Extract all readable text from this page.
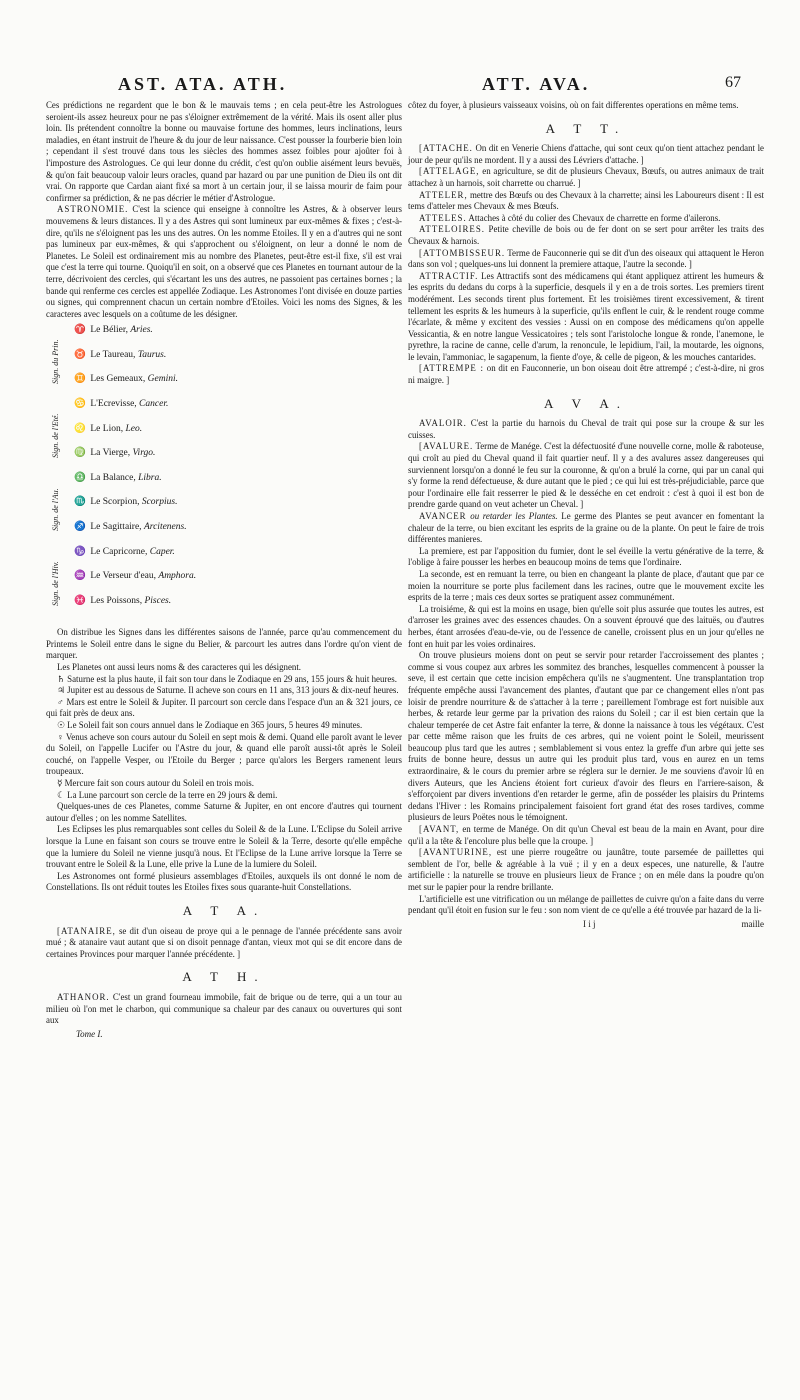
AST. ATA. ATH.	ATT. AVA.	67

Ces prédictions ne regardent que le bon & le mauvais tems ; en cela peut-être les Astrologues seroient-ils assez heureux pour ne pas s'éloigner extrêmement de la vérité. Mais ils osent aller plus loin. Ils prétendent connoître la bonne ou mauvaise fortune des hommes, leurs inclinations, leurs maladies, en étant instruit de l'heure & du jour de leur naissance. C'est pousser la fourberie bien loin ; cependant il s'est trouvé dans tous les siècles des hommes assez foibles pour ajoûter foi à l'imposture des Astrologues. Ce qui leur donne du crédit, c'est qu'on oublie aisément leurs bevuës, & qu'on fait beaucoup valoir leurs oracles, quand par hazard ou par une punition de Dieu ils ont dit vrai. On rapporte que Cardan aiant fixé sa mort à un certain jour, il se laissa mourir de faim pour confirmer sa prédiction, & ne pas décrier le métier d'Astrologue.

ASTRONOMIE. C'est la science qui enseigne à connoître les Astres, & à observer leurs mouvemens & leurs distances. Il y a des Astres qui sont lumineux par eux-mêmes & fixes ; c'est-à-dire, qu'ils ne s'éloignent pas les uns des autres. On les nomme Etoiles. Il y en a d'autres qui ne sont pas lumineux par eux-mêmes, & qui s'approchent ou s'éloignent, on leur a donné le nom de Planetes. Le Soleil est ordinairement mis au nombre des Planetes, peut-être est-il fixe, s'il est vrai que c'est la terre qui tourne. Quoiqu'il en soit, on a observé que ces Planetes en tournant autour de la terre, décrivoient des cercles, qui s'écartant les uns des autres, ne passoient pas certaines bornes ; la bande qui renferme ces cercles est appellée Zodiaque. Les Astronomes l'ont divisée en douze parties ou signes, qui comprennent chacun un certain nombre d'Etoiles. Voici les noms des Signes, & les caracteres avec lesquels on a coûtume de les désigner.

Sign. du Prin.
Sign. de l'Eté.
Sign. de l'Au.
Sign. de l'Hiv.
♈ Le Bélier, Aries.
♉ Le Taureau, Taurus.
♊ Les Gemeaux, Gemini.
♋ L'Ecrevisse, Cancer.
♌ Le Lion, Leo.
♍ La Vierge, Virgo.
♎ La Balance, Libra.
♏ Le Scorpion, Scorpius.
♐ Le Sagittaire, Arcitenens.
♑ Le Capricorne, Caper.
♒ Le Verseur d'eau, Amphora.
♓ Les Poissons, Pisces.

On distribue les Signes dans les différentes saisons de l'année, parce qu'au commencement du Printems le Soleil entre dans le signe du Belier, & parcourt les autres dans l'ordre qu'on vient de marquer.

Les Planetes ont aussi leurs noms & des caracteres qui les désignent.

♄ Saturne est la plus haute, il fait son tour dans le Zodiaque en 29 ans, 155 jours & huit heures.

♃ Jupiter est au dessous de Saturne. Il acheve son cours en 11 ans, 313 jours & dix-neuf heures.

♂ Mars est entre le Soleil & Jupiter. Il parcourt son cercle dans l'espace d'un an & 321 jours, ce qui fait près de deux ans.

☉ Le Soleil fait son cours annuel dans le Zodiaque en 365 jours, 5 heures 49 minutes.

♀ Venus acheve son cours autour du Soleil en sept mois & demi. Quand elle paroît avant le lever du Soleil, on l'appelle Lucifer ou l'Astre du jour, & quand elle paroît aussi-tôt après le Soleil couché, on l'appelle Vesper, ou l'Etoile du Berger ; parce qu'alors les Bergers ramenent leurs troupeaux.

☿ Mercure fait son cours autour du Soleil en trois mois.

☾ La Lune parcourt son cercle de la terre en 29 jours & demi.

Quelques-unes de ces Planetes, comme Saturne & Jupiter, en ont encore d'autres qui tournent autour d'elles ; on les nomme Satellites.

Les Eclipses les plus remarquables sont celles du Soleil & de la Lune. L'Eclipse du Soleil arrive lorsque la Lune en faisant son cours se trouve entre le Soleil & la Terre, desorte qu'elle empêche que la lumiere du Soleil ne vienne jusqu'à nous. Et l'Eclipse de la Lune arrive lorsque la Terre se trouvant entre le Soleil & la Lune, elle prive la Lune de la lumiere du Soleil.

Les Astronomes ont formé plusieurs assemblages d'Etoiles, auxquels ils ont donné le nom de Constellations. Ils ont réduit toutes les Etoiles fixes sous quarante-huit Constellations.

A T A.

[ATANAIRE, se dit d'un oiseau de proye qui a le pennage de l'année précédente sans avoir mué ; & atanaire vaut autant que si on disoit pennage d'antan, vieux mot qui se dit encore dans de certaines Provinces pour marquer l'année précédente. ]

A T H.

ATHANOR. C'est un grand fourneau immobile, fait de brique ou de terre, qui a un tour au milieu où l'on met le charbon, qui communique sa chaleur par des canaux ou ouvertures qui sont aux

Tome I.

côtez du foyer, à plusieurs vaisseaux voisins, où on fait differentes operations en même tems.

A T T.

[ATTACHE. On dit en Venerie Chiens d'attache, qui sont ceux qu'on tient attachez pendant le jour de peur qu'ils ne mordent. Il y a aussi des Lévriers d'attache. ]

[ATTELAGE, en agriculture, se dit de plusieurs Chevaux, Bœufs, ou autres animaux de trait attachez à un harnois, soit charrette ou charrué. ]

ATTELER, mettre des Bœufs ou des Chevaux à la charrette; ainsi les Laboureurs disent : Il est tems d'atteler mes Chevaux & mes Bœufs.

ATTELES. Attaches à côté du colier des Chevaux de charrette en forme d'ailerons.

ATTELOIRES. Petite cheville de bois ou de fer dont on se sert pour arrêter les traits des Chevaux & harnois.

[ATTOMBISSEUR. Terme de Fauconnerie qui se dit d'un des oiseaux qui attaquent le Heron dans son vol ; quelques-uns lui donnent la premiere attaque, l'autre la seconde. ]

ATTRACTIF. Les Attractifs sont des médicamens qui étant appliquez attirent les humeurs & les esprits du dedans du corps à la superficie, desquels il y en a de trois sortes. Les premiers tirent modérément. Les seconds tirent plus fortement. Et les troisièmes tirent excessivement, & tirent tellement les esprits & les humeurs à la superficie, qu'ils enflent le cuir, & le rendent rouge comme l'écarlate, & même y excitent des vessies : Aussi on en compose des médicamens qu'on appelle Vessicantia, & en notre langue Vessicatoires ; tels sont l'aristoloche longue & ronde, l'anemone, le pyrethre, la racine de canne, celle d'arum, la renoncule, le lepidium, l'ail, la moutarde, les oignons, le levain, l'ammoniac, le sagapenum, la fiente d'oye, & celle de pigeon, & les mouches cantarides.

[ATTREMPE : on dit en Fauconnerie, un bon oiseau doit être attrempé ; c'est-à-dire, ni gros ni maigre. ]

A V A.

AVALOIR. C'est la partie du harnois du Cheval de trait qui pose sur la croupe & sur les cuisses.

[AVALURE. Terme de Manége. C'est la défectuosité d'une nouvelle corne, molle & raboteuse, qui croît au pied du Cheval quand il fait quartier neuf. Il y a des avalures assez dangereuses qui surviennent lorsqu'on a donné le feu sur la couronne, & qu'on a brulé la corne, qui par un canal qui s'y forme la rend défectueuse, & dure autant que le pied ; ce qui lui est très-préjudiciable, parce que pour l'ordinaire elle fait resserrer le pied & le desséche en cet endroit : c'est à quoi il est bon de prendre garde quand on veut acheter un Cheval. ]

AVANCER ou retarder les Plantes. Le germe des Plantes se peut avancer en fomentant la chaleur de la terre, ou bien excitant les esprits de la graine ou de la plante. On peut le faire de trois différentes manieres.

La premiere, est par l'apposition du fumier, dont le sel éveille la vertu générative de la terre, & l'oblige à faire pousser les herbes en beaucoup moins de tems que l'ordinaire.

La seconde, est en remuant la terre, ou bien en changeant la plante de place, d'autant que par ce moien la nourriture se porte plus facilement dans les racines, outre que le mouvement excite les esprits de la terre ; mais ces deux sortes se pratiquent assez communément.

La troisiéme, & qui est la moins en usage, bien qu'elle soit plus assurée que toutes les autres, est d'arroser les graines avec des essences chaudes. On a souvent éprouvé que des laituës, ou d'autres herbes, étant arrosées d'eau-de-vie, ou de l'essence de canelle, croissent plus en un jour qu'elles ne font en huit par les voies ordinaires.

On trouve plusieurs moiens dont on peut se servir pour retarder l'accroissement des plantes ; comme si vous coupez aux arbres les sommitez des branches, lesquelles commencent à pousser la seve, il est certain que cette incision empêchera qu'ils ne s'augmentent. Une transplantation trop fréquente empêche aussi l'avancement des plantes, d'autant que par ce changement elles n'ont pas loisir de prendre nourriture & de s'attacher à la terre ; pareillement l'ombrage est fort nuisible aux herbes, & retarde leur germe par la privation des raions du Soleil ; car il est bien certain que la chaleur temperée de cet Astre fait enfanter la terre, & donne la naissance à tous les végétaux. C'est par cette même raison que les fruits de ces arbres, qui ne voient point le Soleil, meurissent beaucoup plus tard que les autres ; semblablement si vous entez la greffe d'un arbre qui jette ses fruits de bonne heure, dessus un autre qui les produit plus tard, vous en aurez en un tems extraordinaire, & le cours du premier arbre se réglera sur le dernier. Je me souviens d'avoir lû en divers Auteurs, que les Anciens étoient fort curieux d'avoir des fleurs en l'arriere-saison, & s'efforçoient par divers inventions d'en retarder le germe, afin de posséder les plaisirs du Printems dedans l'Hiver : les Romains principalement faisoient fort grand état des roses tardives, comme plusieurs de leurs Poëtes nous le témoignent.

[AVANT, en terme de Manége. On dit qu'un Cheval est beau de la main en Avant, pour dire qu'il a la tête & l'encolure plus belle que la croupe. ]

[AVANTURINE, est une pierre rougeâtre ou jaunâtre, toute parsemée de paillettes qui semblent de l'or, belle & agréable à la vuë ; il y en a deux especes, une naturelle, & l'autre artificielle : la naturelle se trouve en plusieurs lieux de France ; on en méle dans la poudre qu'on met sur le papier pour la rendre brillante.

L'artificielle est une vitrification ou un mélange de paillettes de cuivre qu'on a faite dans du verre pendant qu'il étoit en fusion sur le feu : son nom vient de ce qu'elle a été trouvée par hazard de la li-

I i j	maille
